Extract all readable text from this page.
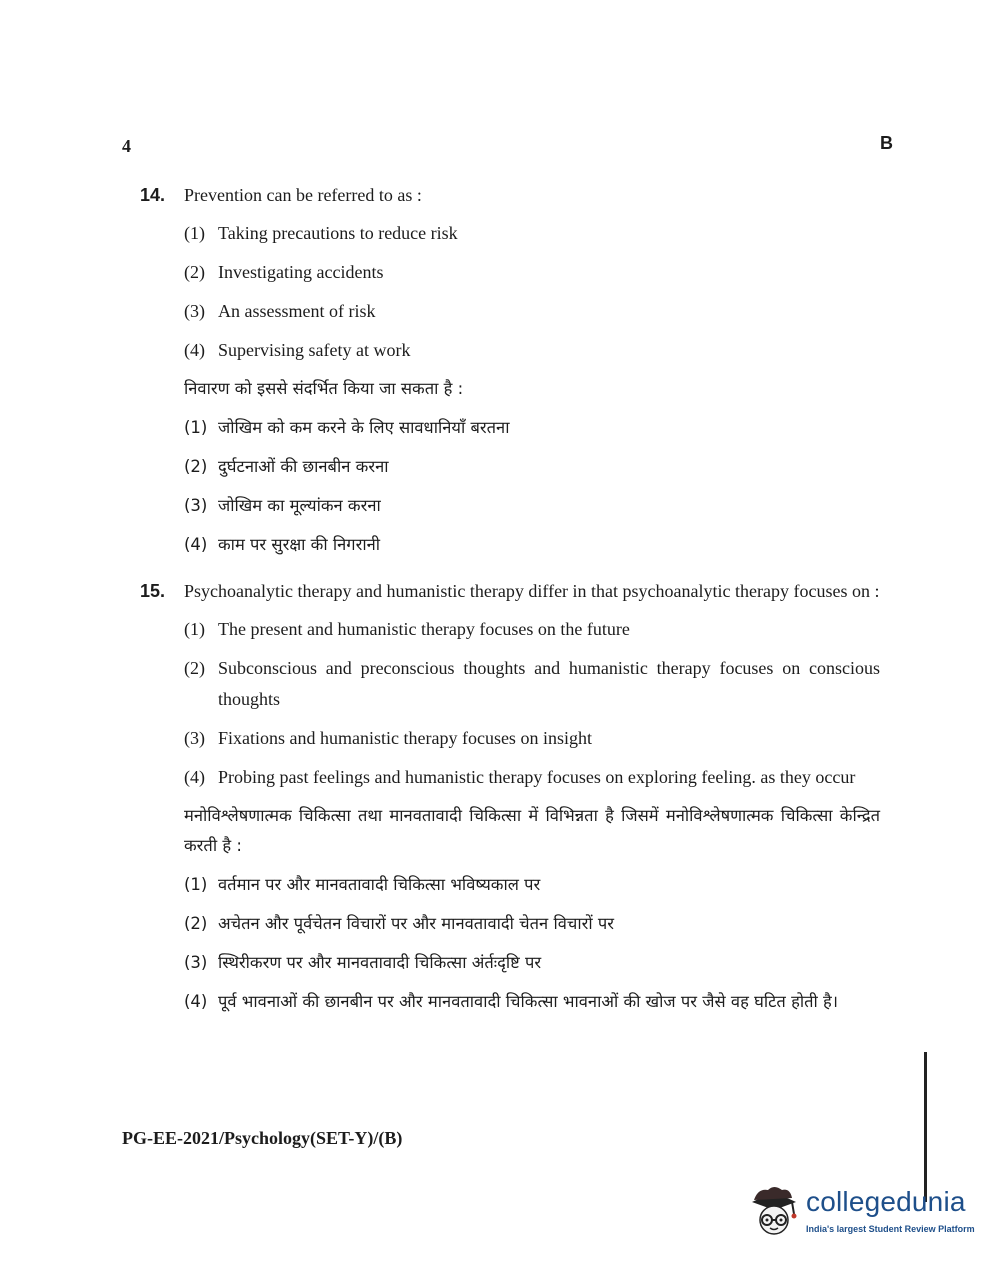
4	B
14.	Prevention can be referred to as :
(1) Taking precautions to reduce risk
(2) Investigating accidents
(3) An assessment of risk
(4) Supervising safety at work
निवारण को इससे संदर्भित किया जा सकता है :
(1) जोखिम को कम करने के लिए सावधानियाँ बरतना
(2) दुर्घटनाओं की छानबीन करना
(3) जोखिम का मूल्यांकन करना
(4) काम पर सुरक्षा की निगरानी
15.	Psychoanalytic therapy and humanistic therapy differ in that psychoanalytic therapy focuses on :
(1) The present and humanistic therapy focuses on the future
(2) Subconscious and preconscious thoughts and humanistic therapy focuses on conscious thoughts
(3) Fixations and humanistic therapy focuses on insight
(4) Probing past feelings and humanistic therapy focuses on exploring feeling. as they occur
मनोविश्लेषणात्मक चिकित्सा तथा मानवतावादी चिकित्सा में विभिन्नता है जिसमें मनोविश्लेषणात्मक चिकित्सा केन्द्रित करती है :
(1) वर्तमान पर और मानवतावादी चिकित्सा भविष्यकाल पर
(2) अचेतन और पूर्वचेतन विचारों पर और मानवतावादी चेतन विचारों पर
(3) स्थिरीकरण पर और मानवतावादी चिकित्सा अंर्तःदृष्टि पर
(4) पूर्व भावनाओं की छानबीन पर और मानवतावादी चिकित्सा भावनाओं की खोज पर जैसे वह घटित होती है।
PG-EE-2021/Psychology(SET-Y)/(B)
collegedunia
India's largest Student Review Platform
